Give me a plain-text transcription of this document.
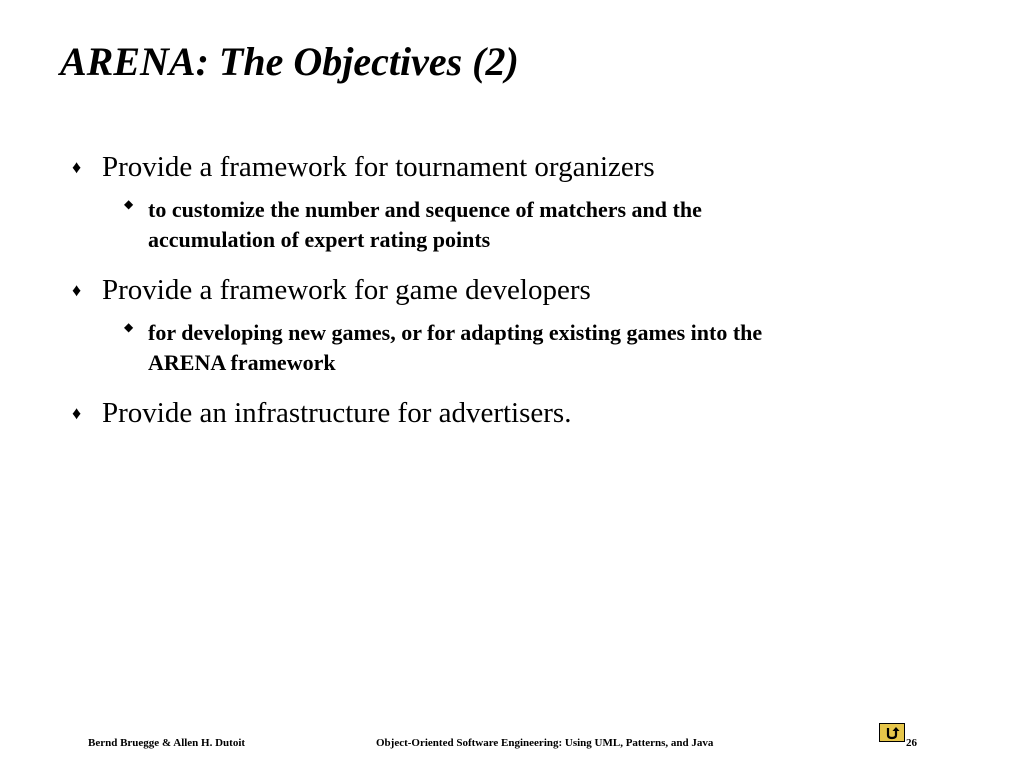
ARENA: The Objectives (2)
♦ Provide a framework for tournament organizers
◆ to customize the number and sequence of matchers and the accumulation of expert rating points
♦ Provide a framework for game developers
◆ for developing new games, or for adapting existing games into the ARENA framework
♦ Provide an infrastructure for advertisers.
Bernd Bruegge & Allen H. Dutoit	Object-Oriented Software Engineering: Using UML, Patterns, and Java	26
